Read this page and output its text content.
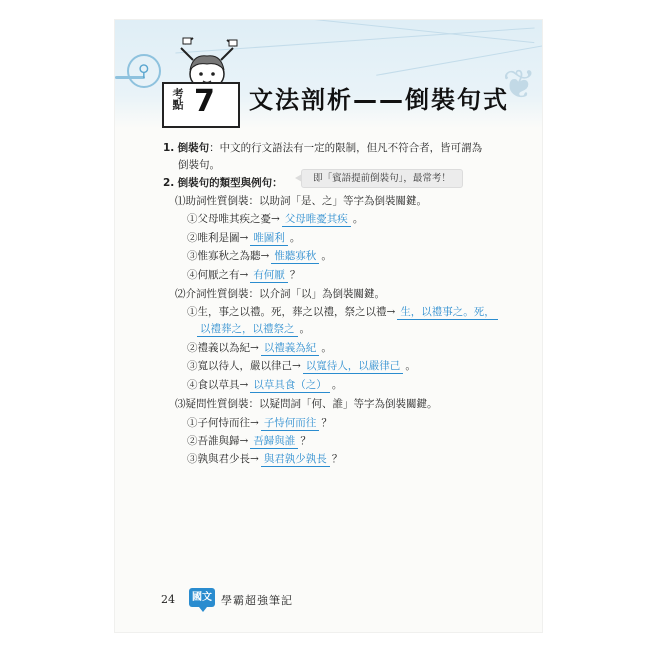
⚲	❦
考點 7 文法剖析——倒裝句式
1. 倒裝句：中文的行文語法有一定的限制，但凡不符合者，皆可謂為
倒裝句。
2. 倒裝句的類型與例句：	即「賓語提前倒裝句」，最常考！
⑴助詞性質倒裝：以助詞「是、之」等字為倒裝關鍵。
①父母唯其疾之憂→ 父母唯憂其疾 。
②唯利是圖→ 唯圖利 。
③惟寡秋之為聽→ 惟聽寡秋 。
④何厭之有→ 有何厭 ？
⑵介詞性質倒裝：以介詞「以」為倒裝關鍵。
①生，事之以禮。死，葬之以禮，祭之以禮→ 生，以禮事之。死，
以禮葬之，以禮祭之 。
②禮義以為紀→ 以禮義為紀 。
③寬以待人，嚴以律己→ 以寬待人，以嚴律己 。
④食以草具→ 以草具食（之） 。
⑶疑問性質倒裝：以疑問詞「何、誰」等字為倒裝關鍵。
①子何恃而往→ 子恃何而往 ？
②吾誰與歸→ 吾歸與誰 ？
③孰與君少長→ 與君孰少孰長 ？
24	國文 學霸超強筆記
